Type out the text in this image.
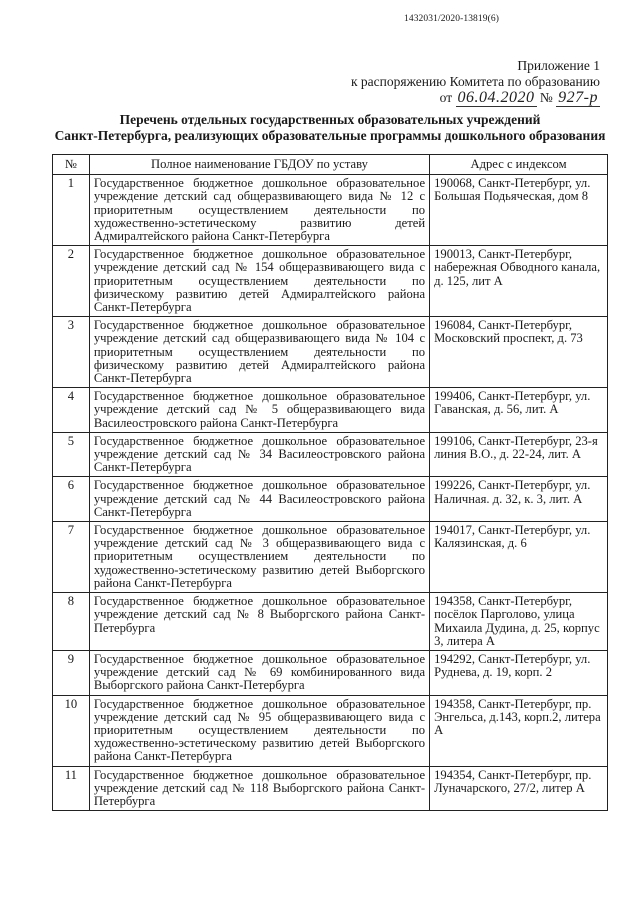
1432031/2020-13819(6)
Приложение 1
к распоряжению Комитета по образованию
от 06.04.2020 № 927-р
Перечень отдельных государственных образовательных учреждений
Санкт-Петербурга, реализующих образовательные программы дошкольного образования
№	Полное наименование ГБДОУ по уставу	Адрес с индексом
1	Государственное бюджетное дошкольное образовательное учреждение детский сад общеразвивающего вида № 12 с приоритетным осуществлением деятельности по художественно-эстетическому развитию детей Адмиралтейского района Санкт-Петербурга	190068, Санкт-Петербург, ул. Большая Подьяческая, дом 8
2	Государственное бюджетное дошкольное образовательное учреждение детский сад № 154 общеразвивающего вида с приоритетным осуществлением деятельности по физическому развитию детей Адмиралтейского района Санкт-Петербурга	190013, Санкт-Петербург, набережная Обводного канала, д. 125, лит А
3	Государственное бюджетное дошкольное образовательное учреждение детский сад общеразвивающего вида № 104 с приоритетным осуществлением деятельности по физическому развитию детей Адмиралтейского района Санкт-Петербурга	196084, Санкт-Петербург, Московский проспект, д. 73
4	Государственное бюджетное дошкольное образовательное учреждение детский сад № 5 общеразвивающего вида Василеостровского района Санкт-Петербурга	199406, Санкт-Петербург, ул. Гаванская, д. 56, лит. А
5	Государственное бюджетное дошкольное образовательное учреждение детский сад № 34 Василеостровского района Санкт-Петербурга	199106, Санкт-Петербург, 23-я линия В.О., д. 22-24, лит. А
6	Государственное бюджетное дошкольное образовательное учреждение детский сад № 44 Василеостровского района Санкт-Петербурга	199226, Санкт-Петербург, ул. Наличная. д. 32, к. 3, лит. А
7	Государственное бюджетное дошкольное образовательное учреждение детский сад № 3 общеразвивающего вида с приоритетным осуществлением деятельности по художественно-эстетическому развитию детей Выборгского района Санкт-Петербурга	194017, Санкт-Петербург, ул. Калязинская, д. 6
8	Государственное бюджетное дошкольное образовательное учреждение детский сад № 8 Выборгского района Санкт-Петербурга	194358, Санкт-Петербург, посёлок Парголово, улица Михаила Дудина, д. 25, корпус 3, литера А
9	Государственное бюджетное дошкольное образовательное учреждение детский сад № 69 комбинированного вида Выборгского района Санкт-Петербурга	194292, Санкт-Петербург, ул. Руднева, д. 19, корп. 2
10	Государственное бюджетное дошкольное образовательное учреждение детский сад № 95 общеразвивающего вида с приоритетным осуществлением деятельности по художественно-эстетическому развитию детей Выборгского района Санкт-Петербурга	194358, Санкт-Петербург, пр. Энгельса, д.143, корп.2, литера А
11	Государственное бюджетное дошкольное образовательное учреждение детский сад № 118 Выборгского района Санкт-Петербурга	194354, Санкт-Петербург, пр. Луначарского, 27/2, литер А
